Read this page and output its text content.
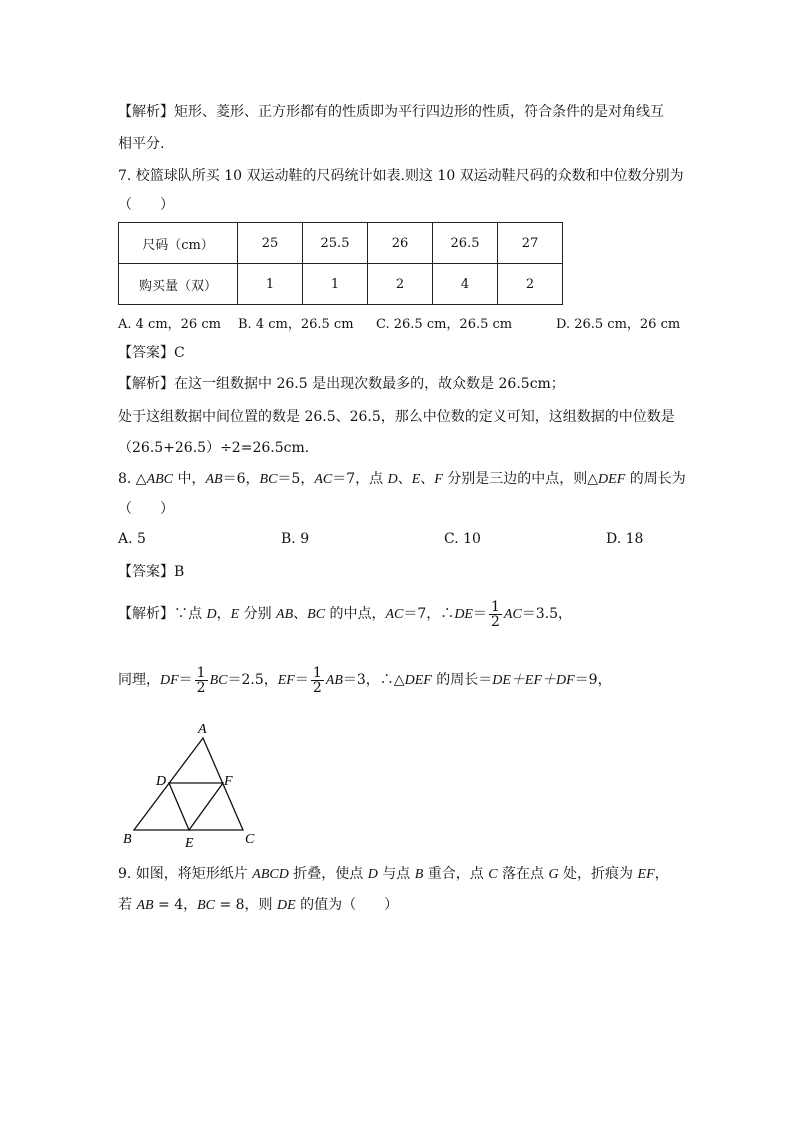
【解析】矩形、菱形、正方形都有的性质即为平行四边形的性质，符合条件的是对角线互
相平分.
7. 校篮球队所买 10 双运动鞋的尺码统计如表.则这 10 双运动鞋尺码的众数和中位数分别为
（　　）
尺码（cm）	25	25.5	26	26.5	27
购买量（双）	1	1	2	4	2
A. 4 cm，26 cm B. 4 cm，26.5 cm C. 26.5 cm，26.5 cm	D. 26.5 cm，26 cm
【答案】C
【解析】在这一组数据中 26.5 是出现次数最多的，故众数是 26.5cm；
处于这组数据中间位置的数是 26.5、26.5，那么中位数的定义可知，这组数据的中位数是
（26.5+26.5）÷2=26.5cm.
8. △ABC 中，AB＝6，BC＝5，AC＝7，点 D、E、F 分别是三边的中点，则△DEF 的周长为
（　　）
A. 5	B. 9	C. 10	D. 18
【答案】B
【解析】∵点 D，E 分别 AB、BC 的中点，AC＝7，∴DE＝ $\frac{1}{2} AC=3.5$，
同理，$DF= \frac{1}{2} BC=2.5$，$EF= \frac{1}{2} AB=3$，∴△DEF 的周长＝DE＋EF＋DF＝9，
A
B	C
D
E
F
9. 如图，将矩形纸片 ABCD 折叠，使点 D 与点 B 重合，点 C 落在点 G 处，折痕为 EF，
若 AB = 4，BC = 8，则 DE 的值为（　　）
